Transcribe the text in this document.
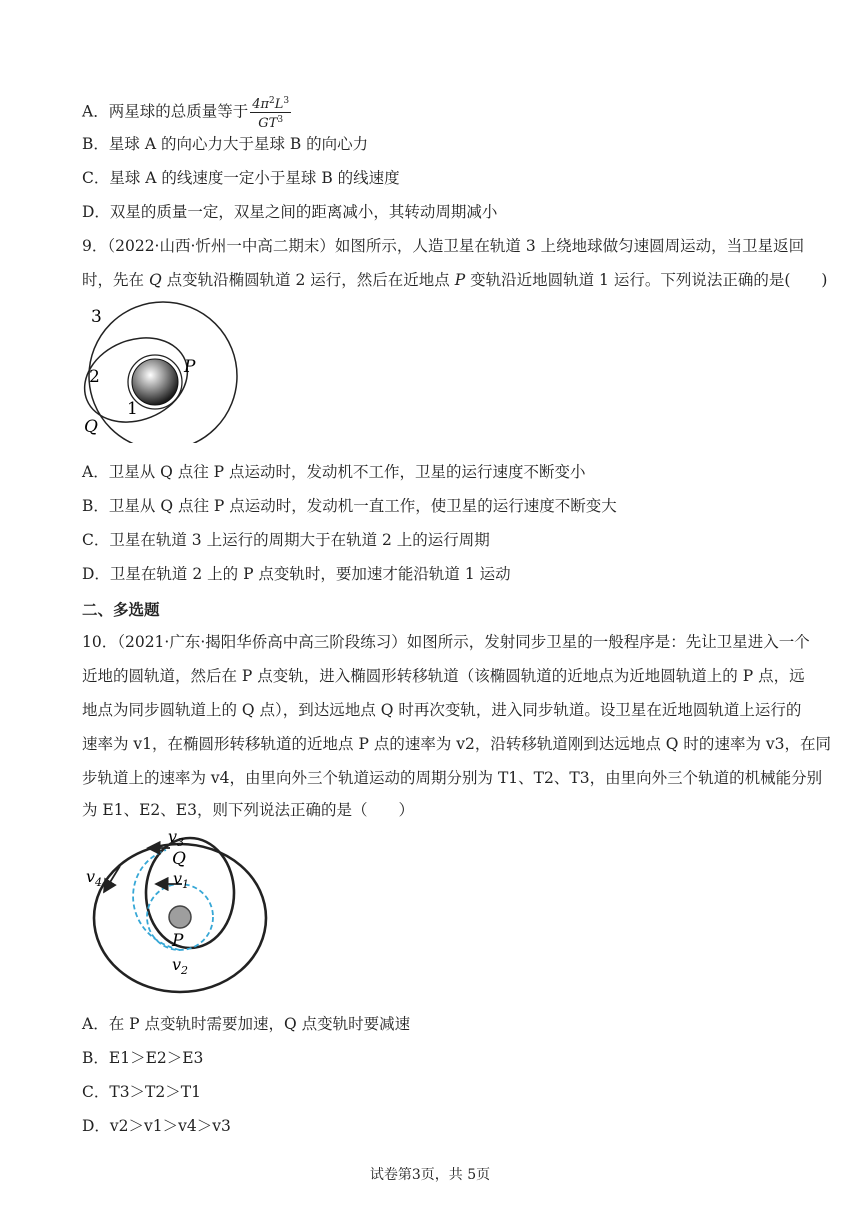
A．两星球的总质量等于 $\frac{4\pi^2L^3}{GT^3}$
B．星球 A 的向心力大于星球 B 的向心力
C．星球 A 的线速度一定小于星球 B 的线速度
D．双星的质量一定，双星之间的距离减小，其转动周期减小
9．（2022·山西·忻州一中高二期末）如图所示，人造卫星在轨道 3 上绕地球做匀速圆周运动，当卫星返回
时，先在 Q 点变轨沿椭圆轨道 2 运行，然后在近地点 P 变轨沿近地圆轨道 1 运行。下列说法正确的是(　　)
3
2
1
P
Q
A．卫星从 Q 点往 P 点运动时，发动机不工作，卫星的运行速度不断变小
B．卫星从 Q 点往 P 点运动时，发动机一直工作，使卫星的运行速度不断变大
C．卫星在轨道 3 上运行的周期大于在轨道 2 上的运行周期
D．卫星在轨道 2 上的 P 点变轨时，要加速才能沿轨道 1 运动
二、多选题
10．（2021·广东·揭阳华侨高中高三阶段练习）如图所示，发射同步卫星的一般程序是：先让卫星进入一个
近地的圆轨道，然后在 P 点变轨，进入椭圆形转移轨道（该椭圆轨道的近地点为近地圆轨道上的 P 点，远
地点为同步圆轨道上的 Q 点），到达远地点 Q 时再次变轨，进入同步轨道。设卫星在近地圆轨道上运行的
速率为 v1，在椭圆形转移轨道的近地点 P 点的速率为 v2，沿转移轨道刚到达远地点 Q 时的速率为 v3，在同
步轨道上的速率为 v4，由里向外三个轨道运动的周期分别为 T1、T2、T3，由里向外三个轨道的机械能分别
为 E1、E2、E3，则下列说法正确的是（　　）
$v_3$
Q
$v_4$	$v_1$
P
$v_2$
A．在 P 点变轨时需要加速，Q 点变轨时要减速
B．E1＞E2＞E3
C．T3＞T2＞T1
D．v2＞v1＞v4＞v3
试卷第3页，共 5页
